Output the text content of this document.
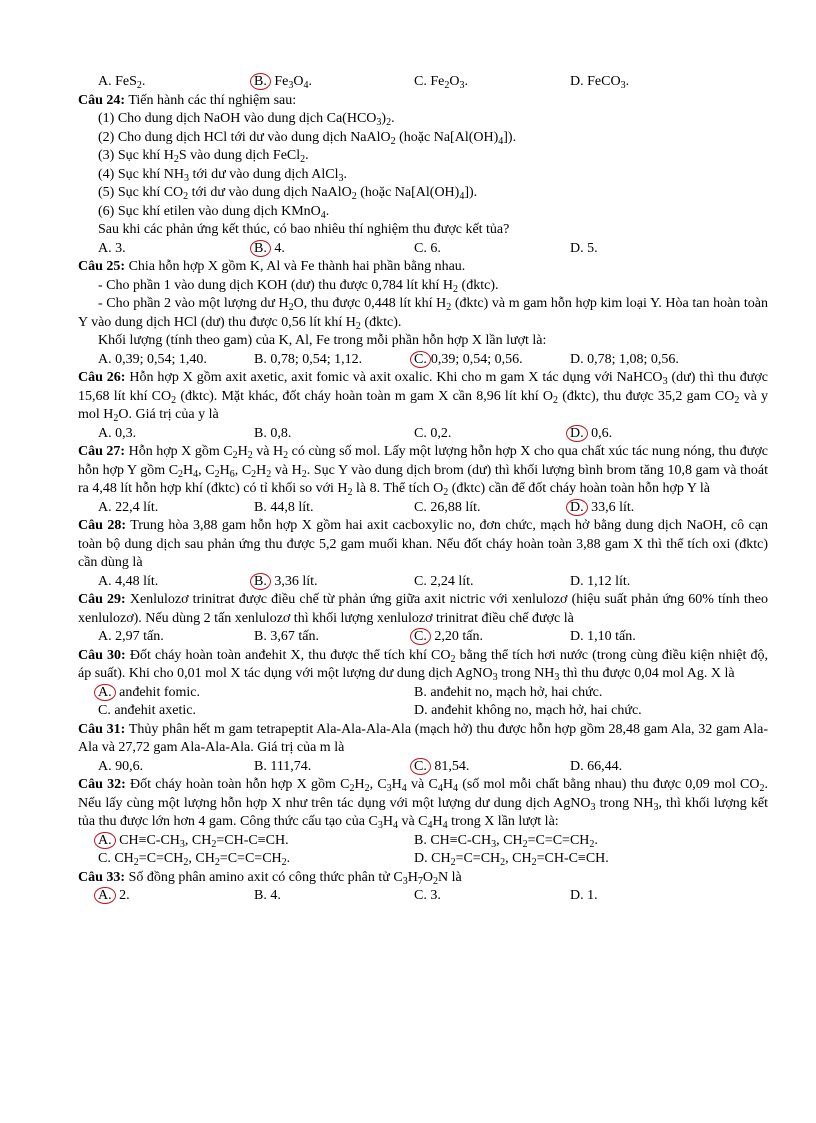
A. FeS$_2$.	B. $Fe_3O_4$.	C. $Fe_2O_3$.	D. FeCO$_3$.
Câu 24: Tiến hành các thí nghiệm sau:
(1) Cho dung dịch NaOH vào dung dịch $Ca(HCO_3)_2$.
(2) Cho dung dịch HCl tới dư vào dung dịch NaAlO$_2$ (hoặc $Na[Al(OH)_4]$).
(3) Sục khí $H_2S$ vào dung dịch FeCl$_2$.
(4) Sục khí $NH_3$ tới dư vào dung dịch AlCl$_3$.
(5) Sục khí $CO_2$ tới dư vào dung dịch NaAlO$_2$ (hoặc $Na[Al(OH)_4]$).
(6) Sục khí etilen vào dung dịch KMnO$_4$.
Sau khi các phản ứng kết thúc, có bao nhiêu thí nghiệm thu được kết tủa?
A. 3.	B. 4.	C. 6.	D. 5.
Câu 25: Chia hỗn hợp X gồm K, Al và Fe thành hai phần bằng nhau.
- Cho phần 1 vào dung dịch KOH (dư) thu được 0,784 lít khí $H_2$ (đktc).
- Cho phần 2 vào một lượng dư $H_2O$, thu được 0,448 lít khí $H_2$ (đktc) và m gam hỗn hợp kim loại Y. Hòa tan hoàn toàn Y vào dung dịch HCl (dư) thu được 0,56 lít khí $H_2$ (đktc).
Khối lượng (tính theo gam) của K, Al, Fe trong mỗi phần hỗn hợp X lần lượt là:
A. 0,39; 0,54; 1,40.	B. 0,78; 0,54; 1,12.	C. 0,39; 0,54; 0,56.	D. 0,78; 1,08; 0,56.
Câu 26: Hỗn hợp X gồm axit axetic, axit fomic và axit oxalic. Khi cho m gam X tác dụng với NaHCO$_3$ (dư) thì thu được 15,68 lít khí $CO_2$ (đktc). Mặt khác, đốt cháy hoàn toàn m gam X cần 8,96 lít khí $O_2$ (đktc), thu được 35,2 gam $CO_2$ và y mol $H_2O$. Giá trị của y là
A. 0,3.	B. 0,8.	C. 0,2.	D. 0,6.
Câu 27: Hỗn hợp X gồm $C_2H_2$ và $H_2$ có cùng số mol. Lấy một lượng hỗn hợp X cho qua chất xúc tác nung nóng, thu được hỗn hợp Y gồm $C_2H_4$, $C_2H_6$, $C_2H_2$ và $H_2$. Sục Y vào dung dịch brom (dư) thì khối lượng bình brom tăng 10,8 gam và thoát ra 4,48 lít hỗn hợp khí (đktc) có tỉ khối so với $H_2$ là 8. Thể tích $O_2$ (đktc) cần để đốt cháy hoàn toàn hỗn hợp Y là
A. 22,4 lít.	B. 44,8 lít.	C. 26,88 lít.	D. 33,6 lít.
Câu 28: Trung hòa 3,88 gam hỗn hợp X gồm hai axit cacboxylic no, đơn chức, mạch hở bằng dung dịch NaOH, cô cạn toàn bộ dung dịch sau phản ứng thu được 5,2 gam muối khan. Nếu đốt cháy hoàn toàn 3,88 gam X thì thể tích oxi (đktc) cần dùng là
A. 4,48 lít.	B. 3,36 lít.	C. 2,24 lít.	D. 1,12 lít.
Câu 29: Xenlulozơ trinitrat được điều chế từ phản ứng giữa axit nictric với xenlulozơ (hiệu suất phản ứng 60% tính theo xenlulozơ). Nếu dùng 2 tấn xenlulozơ thì khối lượng xenlulozơ trinitrat điều chế được là
A. 2,97 tấn.	B. 3,67 tấn.	C. 2,20 tấn.	D. 1,10 tấn.
Câu 30: Đốt cháy hoàn toàn anđehit X, thu được thể tích khí $CO_2$ bằng thể tích hơi nước (trong cùng điều kiện nhiệt độ, áp suất). Khi cho 0,01 mol X tác dụng với một lượng dư dung dịch AgNO$_3$ trong $NH_3$ thì thu được 0,04 mol Ag. X là
A. anđehit fomic.	B. anđehit no, mạch hở, hai chức.
C. anđehit axetic.	D. anđehit không no, mạch hở, hai chức.
Câu 31: Thủy phân hết m gam tetrapeptit Ala-Ala-Ala-Ala (mạch hở) thu được hỗn hợp gồm 28,48 gam Ala, 32 gam Ala-Ala và 27,72 gam Ala-Ala-Ala. Giá trị của m là
A. 90,6.	B. 111,74.	C. 81,54.	D. 66,44.
Câu 32: Đốt cháy hoàn toàn hỗn hợp X gồm $C_2H_2$, $C_3H_4$ và $C_4H_4$ (số mol mỗi chất bằng nhau) thu được 0,09 mol $CO_2$. Nếu lấy cùng một lượng hỗn hợp X như trên tác dụng với một lượng dư dung dịch AgNO$_3$ trong $NH_3$, thì khối lượng kết tủa thu được lớn hơn 4 gam. Công thức cấu tạo của $C_3H_4$ và $C_4H_4$ trong X lần lượt là:
A. $CH\equiv C-CH_3$, $CH_2=CH-C\equiv CH$.	B. $CH\equiv C-CH_3$, $CH_2=C=C=CH_2$.
C. $CH_2=C=CH_2$, $CH_2=C=C=CH_2$.	D. $CH_2=C=CH_2$, $CH_2=CH-C\equiv CH$.
Câu 33: Số đồng phân amino axit có công thức phân tử $C_3H_7O_2N$ là
A. 2.	B. 4.	C. 3.	D. 1.
